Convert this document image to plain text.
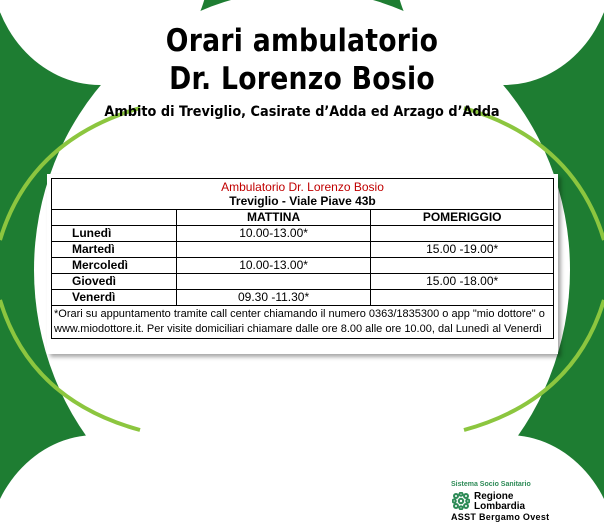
Orari ambulatorio
Dr. Lorenzo Bosio
Ambito di Treviglio, Casirate d’Adda ed Arzago d’Adda
Ambulatorio Dr. Lorenzo Bosio
Treviglio - Viale Piave 43b		

	MATTINA	POMERIGGIO
Lunedì	10.00-13.00*	
Martedì		15.00 -19.00*
Mercoledì	10.00-13.00*	
Giovedì		15.00 -18.00*
Venerdì	09.30 -11.30*	
*Orari su appuntamento tramite call center chiamando il numero 0363/1835300 o app "mio dottore" o www.miodottore.it. Per visite domiciliari chiamare dalle ore 8.00 alle ore 10.00, dal Lunedì al Venerdì		
Sistema Socio Sanitario
Regione
Lombardia
ASST Bergamo Ovest
